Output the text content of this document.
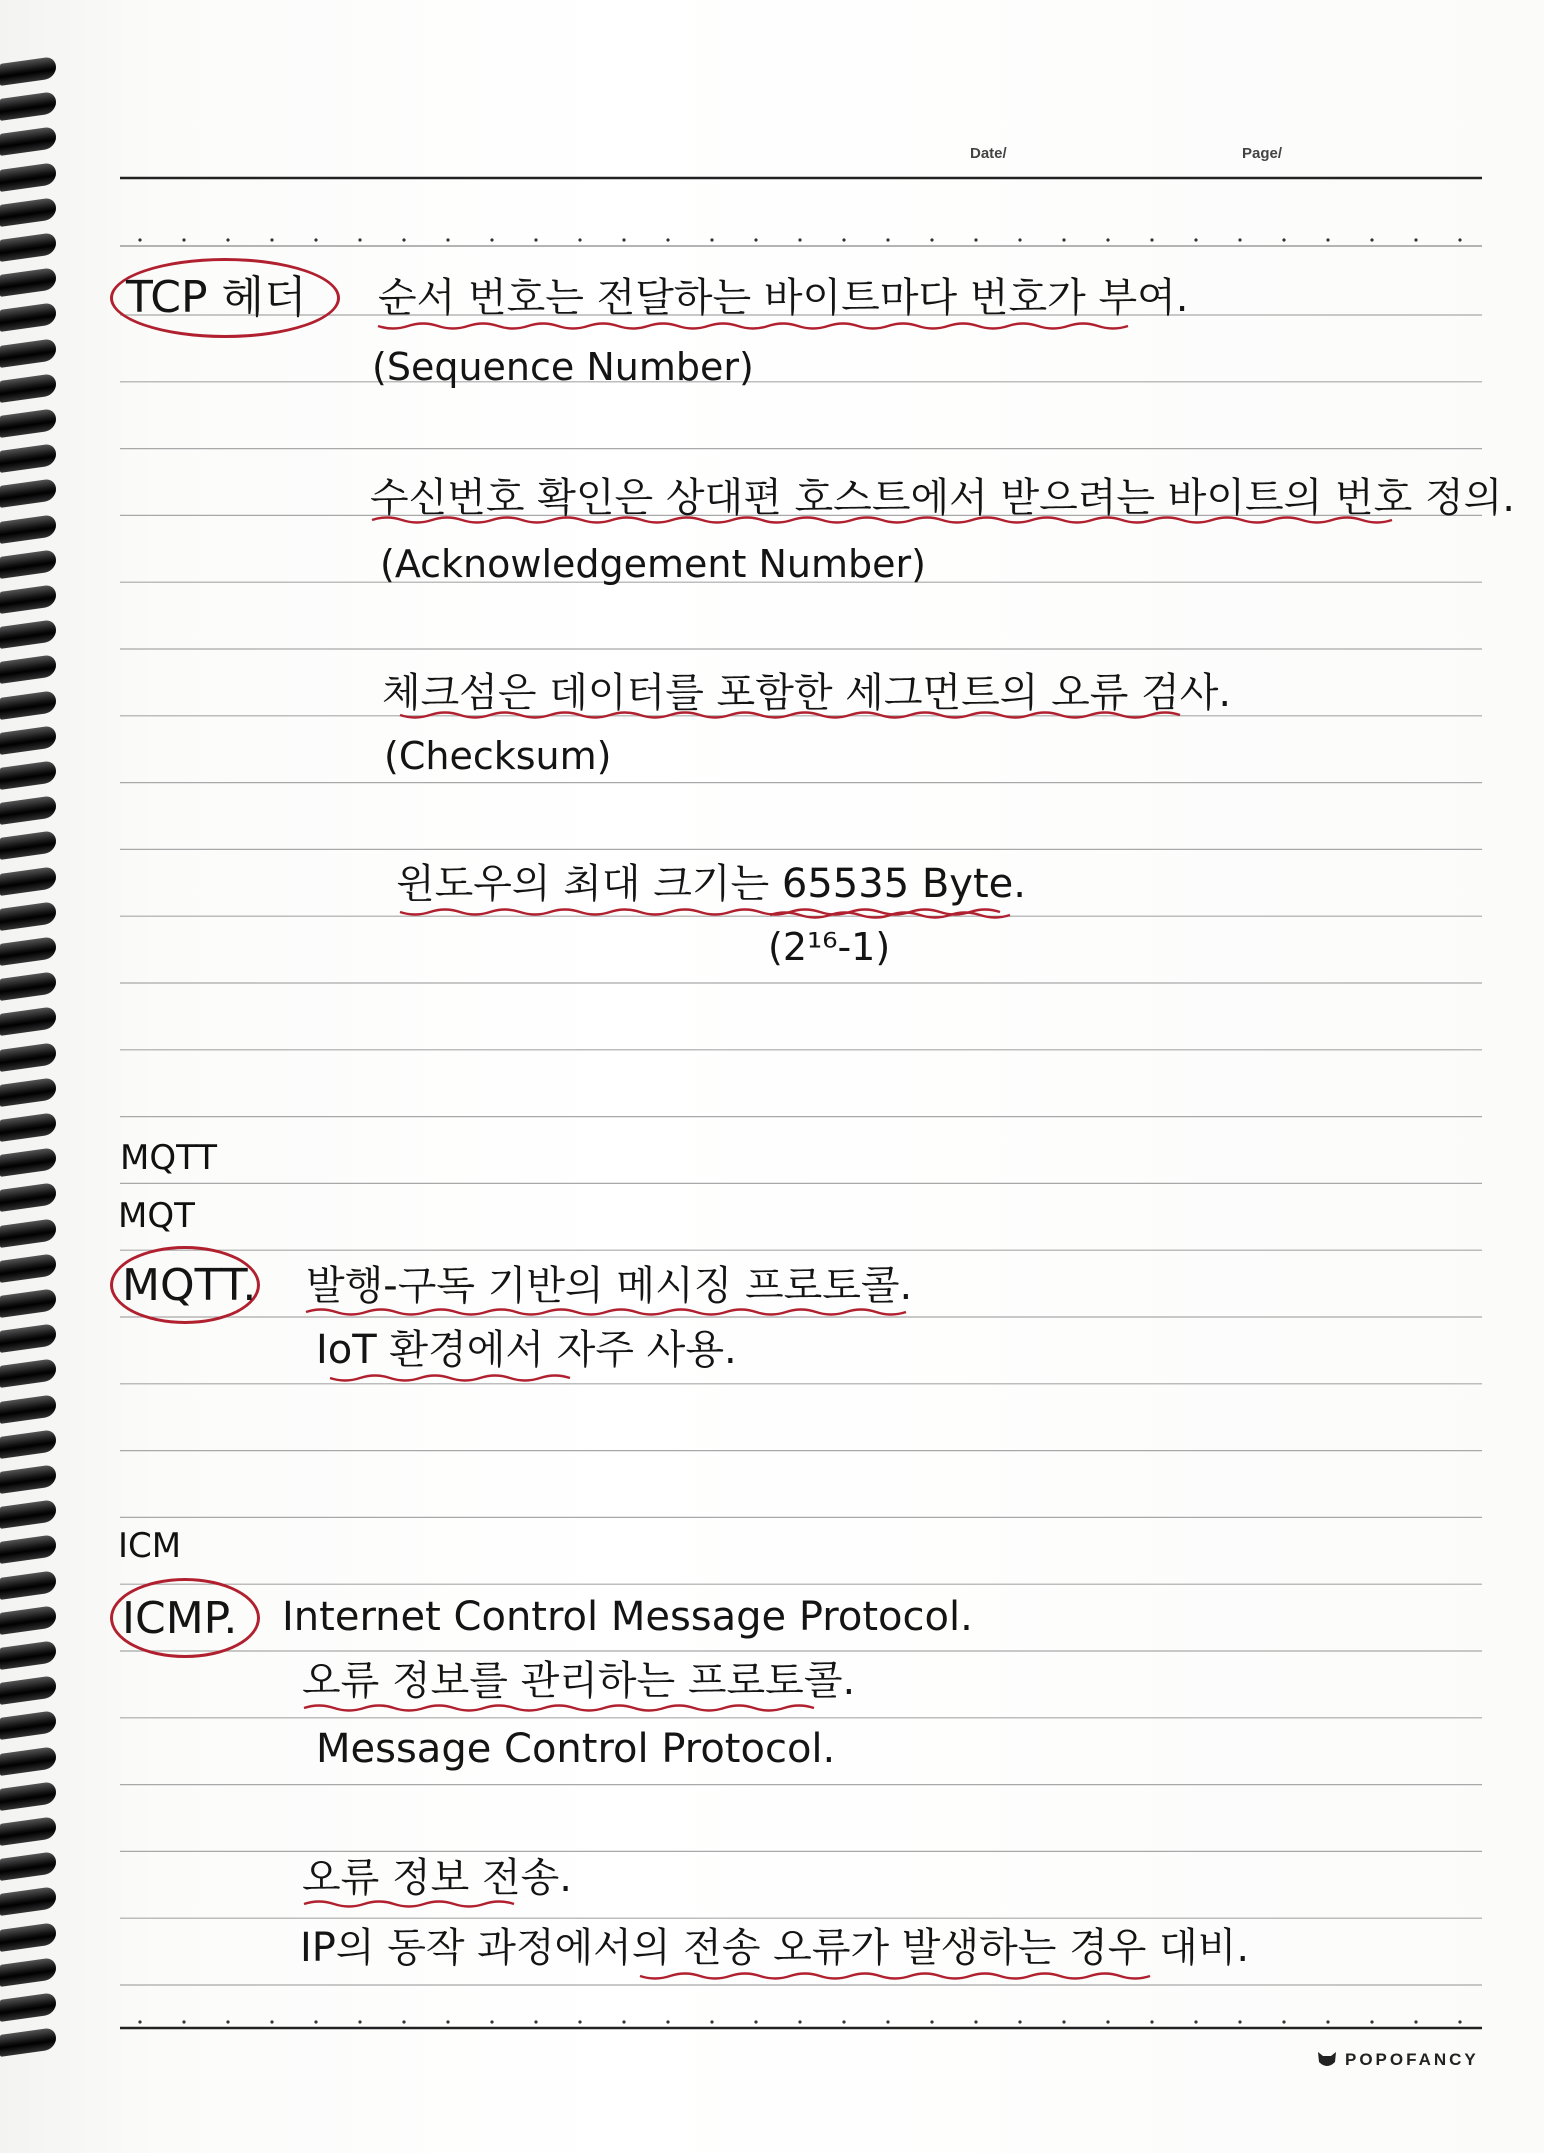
Date/	Page/
TCP 헤더 순서 번호는 전달하는 바이트마다 번호가 부여.
(Sequence Number)
수신번호 확인은 상대편 호스트에서 받으려는 바이트의 번호 정의.
(Acknowledgement Number)
체크섬은 데이터를 포함한 세그먼트의 오류 검사.
(Checksum)
윈도우의 최대 크기는 65535 Byte.
(2¹⁶-1)
MQTT
MQT
MQTT. 발행-구독 기반의 메시징 프로토콜.
IoT 환경에서 자주 사용.
ICM
ICMP. Internet Control Message Protocol.
오류 정보를 관리하는 프로토콜.
Message Control Protocol.
오류 정보 전송.
IP의 동작 과정에서의 전송 오류가 발생하는 경우 대비.
POPOFANCY
